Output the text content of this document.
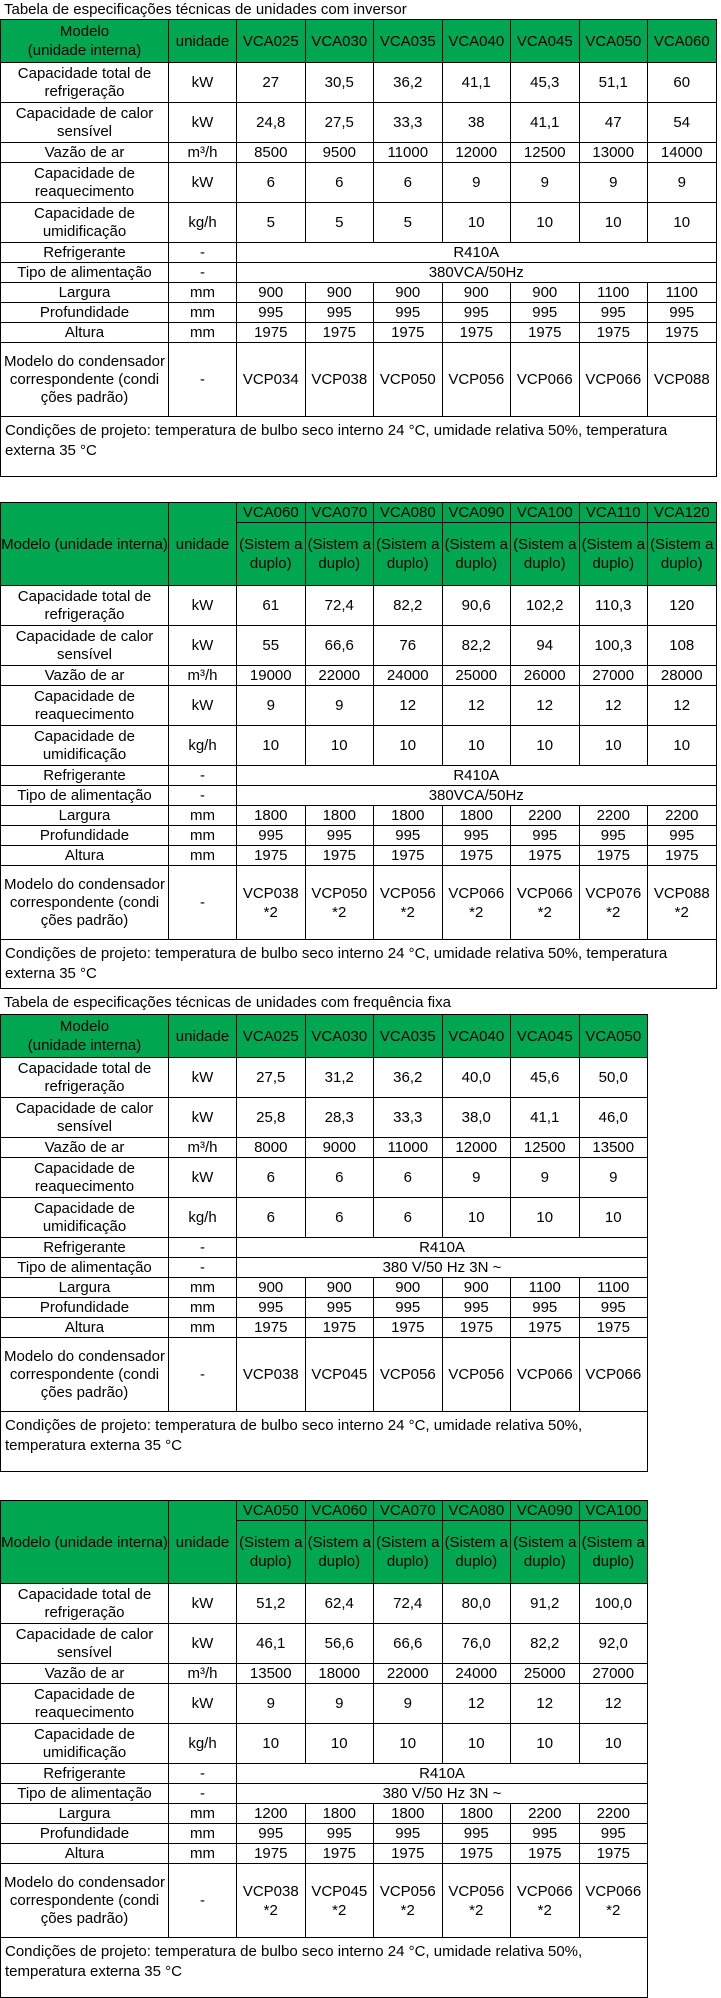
Tabela de especificações técnicas de unidades com inversor
Modelo
(unidade interna)	unidade	VCA025	VCA030	VCA035	VCA040	VCA045	VCA050	VCA060
Capacidade total de refrigeração	kW	27	30,5	36,2	41,1	45,3	51,1	60
Capacidade de calor sensível	kW	24,8	27,5	33,3	38	41,1	47	54
Vazão de ar	m³/h	8500	9500	11000	12000	12500	13000	14000
Capacidade de reaquecimento	kW	6	6	6	9	9	9	9
Capacidade de umidificação	kg/h	5	5	5	10	10	10	10
Refrigerante	-	R410A						
Tipo de alimentação	-	380VCA/50Hz						
Largura	mm	900	900	900	900	900	1100	1100
Profundidade	mm	995	995	995	995	995	995	995
Altura	mm	1975	1975	1975	1975	1975	1975	1975
Modelo do condensador correspondente (condi ções padrão)	-	VCP034	VCP038	VCP050	VCP056	VCP066	VCP066	VCP088
Condições de projeto: temperatura de bulbo seco interno 24 °C, umidade relativa 50%, temperatura externa 35 °C								
Modelo (unidade interna)	unidade	VCA060	VCA070	VCA080	VCA090	VCA100	VCA110	VCA120
		(Sistem a duplo)	(Sistem a duplo)	(Sistem a duplo)	(Sistem a duplo)	(Sistem a duplo)	(Sistem a duplo)	(Sistem a duplo)
Capacidade total de refrigeração	kW	61	72,4	82,2	90,6	102,2	110,3	120
Capacidade de calor sensível	kW	55	66,6	76	82,2	94	100,3	108
Vazão de ar	m³/h	19000	22000	24000	25000	26000	27000	28000
Capacidade de reaquecimento	kW	9	9	12	12	12	12	12
Capacidade de umidificação	kg/h	10	10	10	10	10	10	10
Refrigerante	-	R410A						
Tipo de alimentação	-	380VCA/50Hz						
Largura	mm	1800	1800	1800	1800	2200	2200	2200
Profundidade	mm	995	995	995	995	995	995	995
Altura	mm	1975	1975	1975	1975	1975	1975	1975
Modelo do condensador correspondente (condi ções padrão)	-	VCP038 *2	VCP050 *2	VCP056 *2	VCP066 *2	VCP066 *2	VCP076 *2	VCP088 *2
Condições de projeto: temperatura de bulbo seco interno 24 °C, umidade relativa 50%, temperatura externa 35 °C								
Tabela de especificações técnicas de unidades com frequência fixa
Modelo
(unidade interna)	unidade	VCA025	VCA030	VCA035	VCA040	VCA045	VCA050
Capacidade total de refrigeração	kW	27,5	31,2	36,2	40,0	45,6	50,0
Capacidade de calor sensível	kW	25,8	28,3	33,3	38,0	41,1	46,0
Vazão de ar	m³/h	8000	9000	11000	12000	12500	13500
Capacidade de reaquecimento	kW	6	6	6	9	9	9
Capacidade de umidificação	kg/h	6	6	6	10	10	10
Refrigerante	-	R410A					
Tipo de alimentação	-	380 V/50 Hz 3N ~					
Largura	mm	900	900	900	900	1100	1100
Profundidade	mm	995	995	995	995	995	995
Altura	mm	1975	1975	1975	1975	1975	1975
Modelo do condensador correspondente (condi ções padrão)	-	VCP038	VCP045	VCP056	VCP056	VCP066	VCP066
Condições de projeto: temperatura de bulbo seco interno 24 °C, umidade relativa 50%, temperatura externa 35 °C							
Modelo (unidade interna)	unidade	VCA050	VCA060	VCA070	VCA080	VCA090	VCA100
		(Sistem a duplo)	(Sistem a duplo)	(Sistem a duplo)	(Sistem a duplo)	(Sistem a duplo)	(Sistem a duplo)
Capacidade total de refrigeração	kW	51,2	62,4	72,4	80,0	91,2	100,0
Capacidade de calor sensível	kW	46,1	56,6	66,6	76,0	82,2	92,0
Vazão de ar	m³/h	13500	18000	22000	24000	25000	27000
Capacidade de reaquecimento	kW	9	9	9	12	12	12
Capacidade de umidificação	kg/h	10	10	10	10	10	10
Refrigerante	-	R410A					
Tipo de alimentação	-	380 V/50 Hz 3N ~					
Largura	mm	1200	1800	1800	1800	2200	2200
Profundidade	mm	995	995	995	995	995	995
Altura	mm	1975	1975	1975	1975	1975	1975
Modelo do condensador correspondente (condi ções padrão)	-	VCP038 *2	VCP045 *2	VCP056 *2	VCP056 *2	VCP066 *2	VCP066 *2
Condições de projeto: temperatura de bulbo seco interno 24 °C, umidade relativa 50%, temperatura externa 35 °C							
